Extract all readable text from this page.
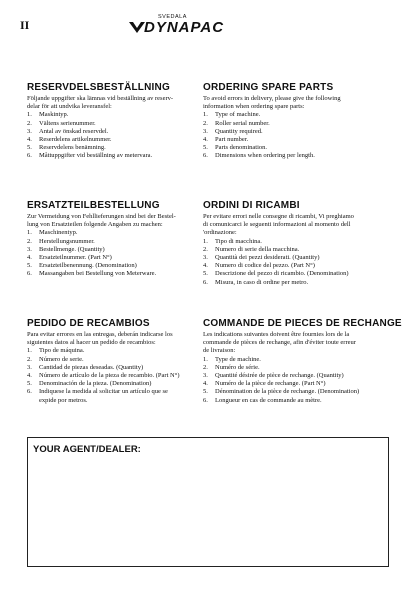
II
SVEDALA
DYNAPAC
RESERVDELSBESTÄLLNING

Följande uppgifter ska lämnas vid beställning av reserv-
delar för att undvika leveransfel:

1.	Maskintyp.
2.	Vältens serienummer.
3.	Antal av önskad reservdel.
4.	Reserdelens artikelnummer.
5.	Reservdelens benämning.
6.	Måttuppgifter vid beställning av metervara.
ORDERING SPARE PARTS

To avoid errors in delivery, please give the following
information when ordering spare parts:

1.	Type of machine.
2.	Roller serial number.
3.	Quantity required.
4.	Part number.
5.	Parts denomination.
6.	Dimensions when ordering per length.
ERSATZTEILBESTELLUNG

Zur Vermeidung von Fehllieferungen sind bei der Bestel-
lung von Ersatzteilen folgende Angaben zu machen:

1.	Maschinentyp.
2.	Herstellungsnummer.
3.	Bestellmenge. (Quantity)
4.	Ersatzteilnummer. (Part N°)
5.	Ersatzteilbenennung. (Denomination)
6.	Massangaben bei Bestellung von Meterware.
ORDINI DI RICAMBI

Per evitare errori nelle consegne di ricambi, Vi preghiamo
di comunicarci le seguenti informazioni al momento dell
'ordinazione:

1.	Tipo di macchina.
2.	Numero di serie della macchina.
3.	Quantità dei pezzi desiderati. (Quantity)
4.	Numero di codice del pezzo. (Part N°)
5.	Descrizione del pezzo di ricambio. (Denomination)
6.	Misura, in caso di ordine per metro.
PEDIDO DE RECAMBIOS

Para evitar errores en las entregas, deberán indicarse los
siguientes datos al hacer un pedido de recambios:

1.	Tipo de máquina.
2.	Número de serie.
3.	Cantidad de piezas deseadas. (Quantity)
4.	Número de artículo de la pieza de recambio. (Part N°)
5.	Denominación de la pieza. (Denomination)
6.	Indiquese la medida al solicitar un artículo que se
expide por metros.
COMMANDE DE PIECES DE RECHANGE

Les indications suivantes doivent être fournies lors de la
commande de pièces de rechange, afin d'éviter toute erreur
de livraison:

1.	Type de machine.
2.	Numéro de série.
3.	Quantité désirée de pièce de rechange. (Quantity)
4.	Numéro de la pièce de rechange. (Part N°)
5.	Dénomination de la pièce de rechange. (Denomination)
6.	Longueur en cas de commande au mètre.
YOUR AGENT/DEALER:
